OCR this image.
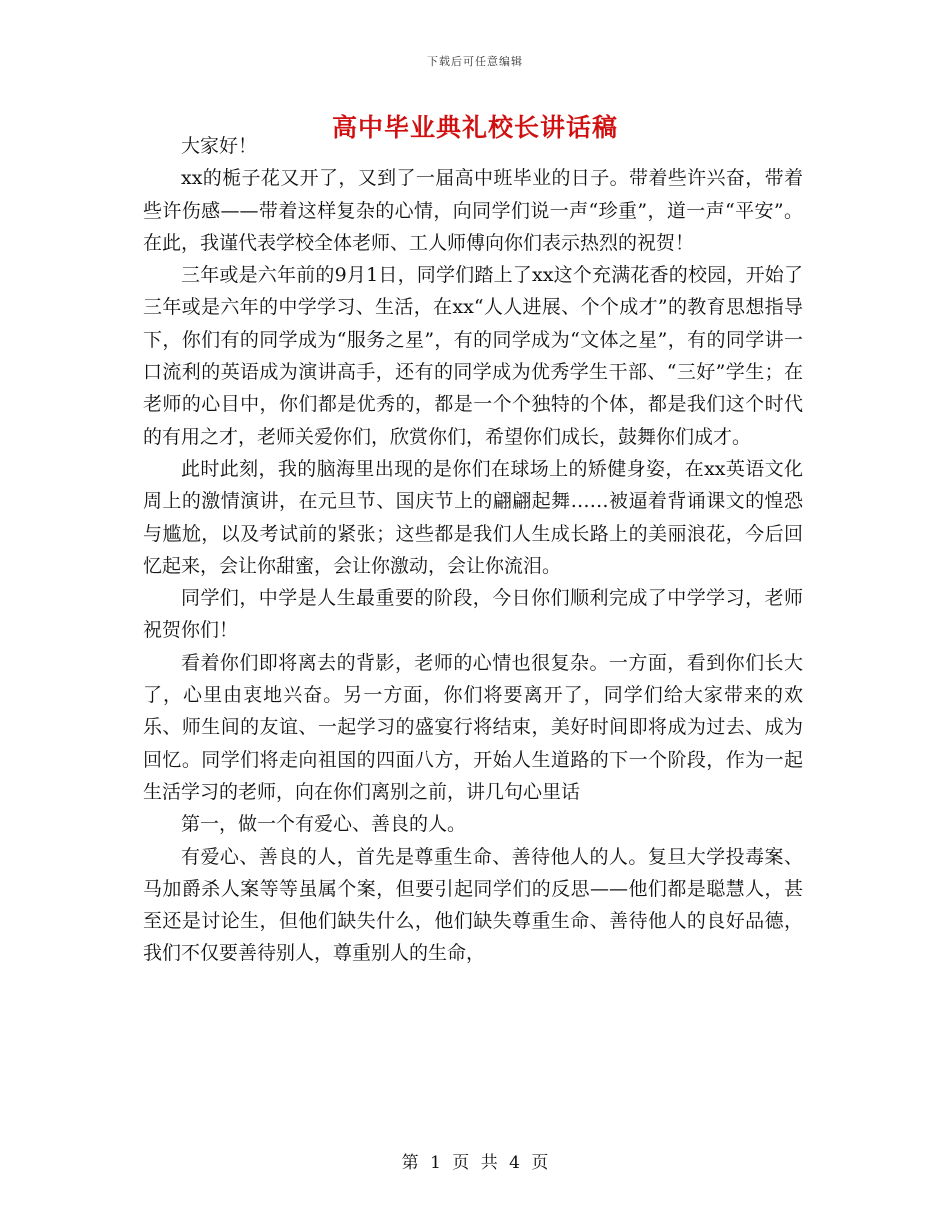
下载后可任意编辑
高中毕业典礼校长讲话稿

大家好！

xx的栀子花又开了，又到了一届高中班毕业的日子。带着些许兴奋，带着些许伤感——带着这样复杂的心情，向同学们说一声“珍重”，道一声“平安”。在此，我谨代表学校全体老师、工人师傅向你们表示热烈的祝贺！

三年或是六年前的9月1日，同学们踏上了xx这个充满花香的校园，开始了三年或是六年的中学学习、生活，在xx“人人进展、个个成才”的教育思想指导下，你们有的同学成为“服务之星”，有的同学成为“文体之星”，有的同学讲一口流利的英语成为演讲高手，还有的同学成为优秀学生干部、“三好”学生；在老师的心目中，你们都是优秀的，都是一个个独特的个体，都是我们这个时代的有用之才，老师关爱你们，欣赏你们，希望你们成长，鼓舞你们成才。

此时此刻，我的脑海里出现的是你们在球场上的矫健身姿，在xx英语文化周上的激情演讲，在元旦节、国庆节上的翩翩起舞……被逼着背诵课文的惶恐与尴尬，以及考试前的紧张；这些都是我们人生成长路上的美丽浪花，今后回忆起来，会让你甜蜜，会让你激动，会让你流泪。

同学们，中学是人生最重要的阶段，今日你们顺利完成了中学学习，老师祝贺你们！

看着你们即将离去的背影，老师的心情也很复杂。一方面，看到你们长大了，心里由衷地兴奋。另一方面，你们将要离开了，同学们给大家带来的欢乐、师生间的友谊、一起学习的盛宴行将结束，美好时间即将成为过去、成为回忆。同学们将走向祖国的四面八方，开始人生道路的下一个阶段，作为一起生活学习的老师，向在你们离别之前，讲几句心里话

第一，做一个有爱心、善良的人。

有爱心、善良的人，首先是尊重生命、善待他人的人。复旦大学投毒案、马加爵杀人案等等虽属个案，但要引起同学们的反思——他们都是聪慧人，甚至还是讨论生，但他们缺失什么，他们缺失尊重生命、善待他人的良好品德，我们不仅要善待别人，尊重别人的生命，

第 1 页 共 4 页
